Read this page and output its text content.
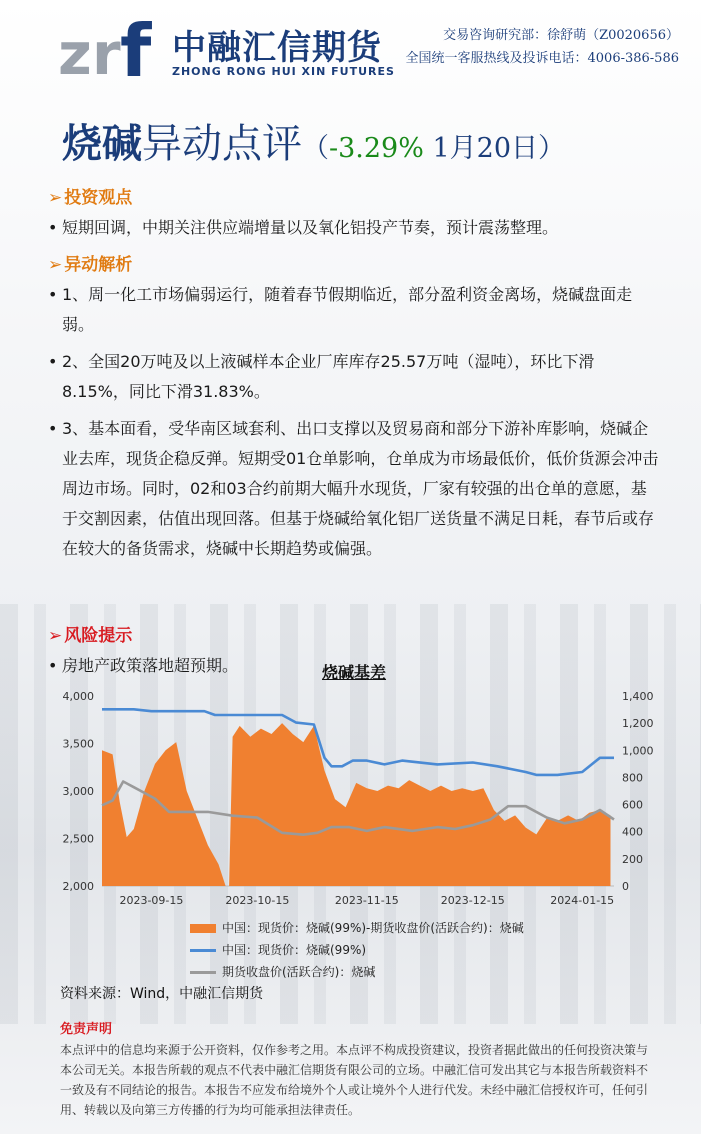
z r f 中融汇信期货
ZHONG RONG HUI XIN FUTURES
交易咨询研究部：徐舒萌（Z0020656）
全国统一客服热线及投诉电话：4006-386-586
烧碱异动点评（-3.29% 1月20日）
➢ 投资观点
• 短期回调，中期关注供应端增量以及氧化铝投产节奏，预计震荡整理。
➢ 异动解析
• 1、周一化工市场偏弱运行，随着春节假期临近，部分盈利资金离场，烧碱盘面走弱。
• 2、全国20万吨及以上液碱样本企业厂库库存25.57万吨（湿吨），环比下滑8.15%，同比下滑31.83%。
• 3、基本面看，受华南区域套利、出口支撑以及贸易商和部分下游补库影响，烧碱企业去库，现货企稳反弹。短期受01仓单影响，仓单成为市场最低价，低价货源会冲击周边市场。同时，02和03合约前期大幅升水现货，厂家有较强的出仓单的意愿，基于交割因素，估值出现回落。但基于烧碱给氧化铝厂送货量不满足日耗，春节后或存在较大的备货需求，烧碱中长期趋势或偏强。
➢ 风险提示
• 房地产政策落地超预期。	烧碱基差
4,000
3,500
3,000
2,500
2,000
1,400
1,200
1,000
800
600
400
200
0
2023-09-15	2023-10-15	2023-11-15	2023-12-15	2024-01-15
中国：现货价：烧碱(99%)-期货收盘价(活跃合约)：烧碱
中国：现货价：烧碱(99%)
期货收盘价(活跃合约)：烧碱
资料来源：Wind，中融汇信期货
免责声明
本点评中的信息均来源于公开资料，仅作参考之用。本点评不构成投资建议，投资者据此做出的任何投资决策与本公司无关。本报告所载的观点不代表中融汇信期货有限公司的立场。中融汇信可发出其它与本报告所载资料不一致及有不同结论的报告。本报告不应发布给境外个人或让境外个人进行代发。未经中融汇信授权许可，任何引用、转载以及向第三方传播的行为均可能承担法律责任。
